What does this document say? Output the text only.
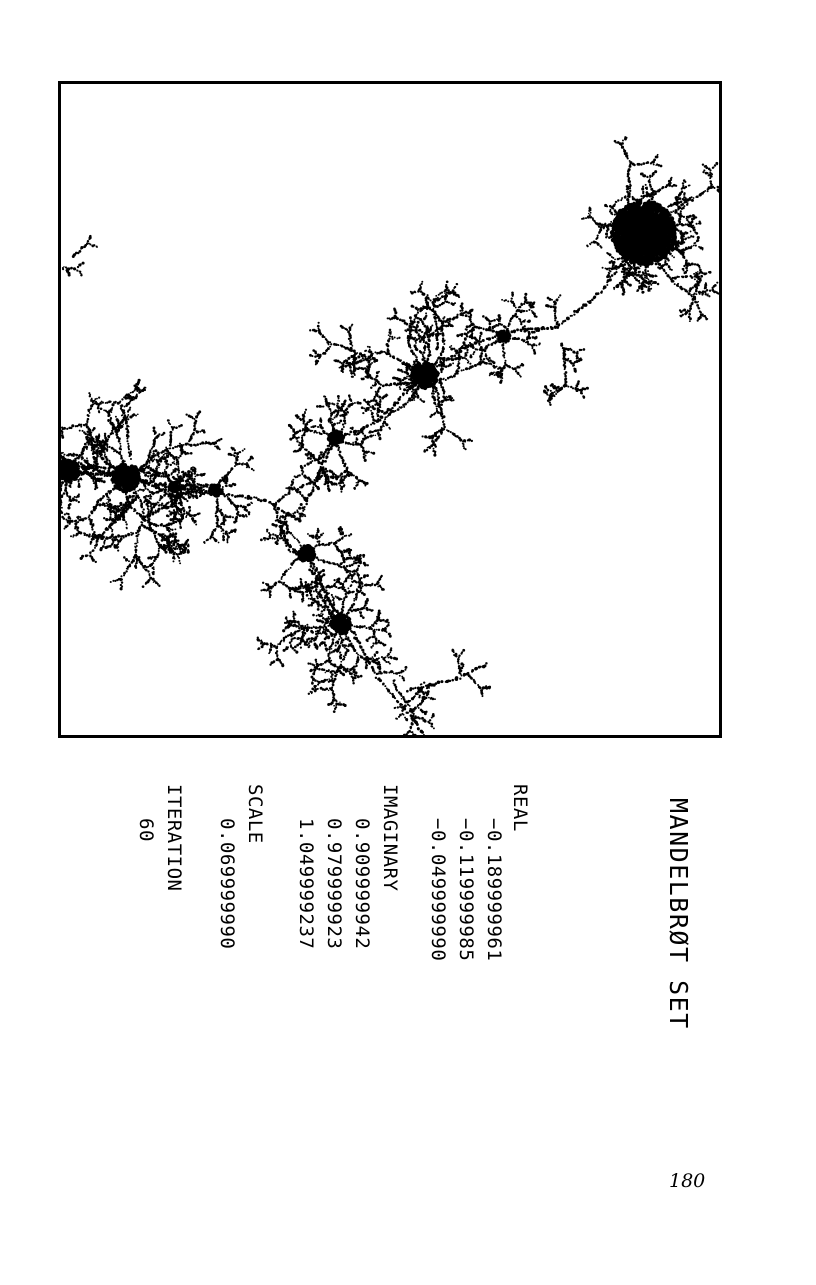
MANDELBRØT SET
REAL
−0.189999961
−0.119999985
−0.049999990
IMAGINARY
0.909999942
0.979999923
1.049999237
SCALE
0.069999990
ITERATION
60
180
